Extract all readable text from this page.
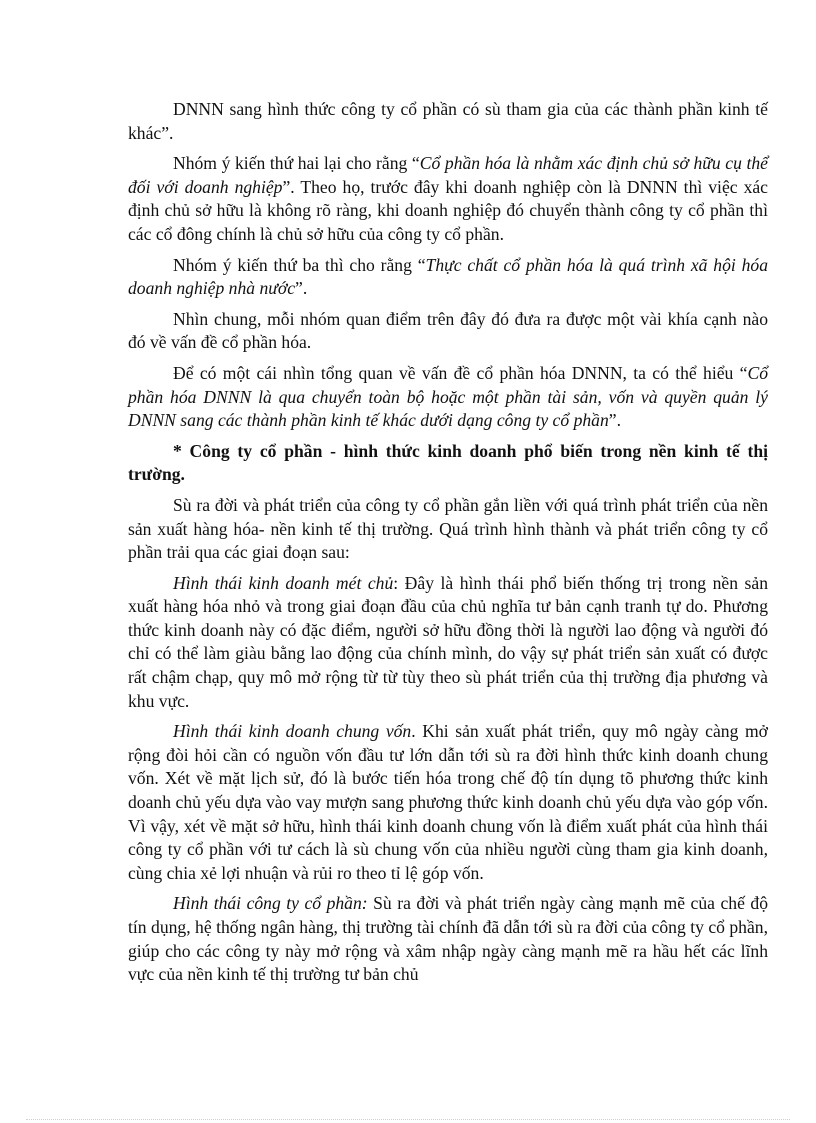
DNNN sang hình thức công ty cổ phần có sù tham gia của các thành phần kinh tế khác”.

Nhóm ý kiến thứ hai lại cho rằng “Cổ phần hóa là nhằm xác định chủ sở hữu cụ thể đối với doanh nghiệp”. Theo họ, trước đây khi doanh nghiệp còn là DNNN thì việc xác định chủ sở hữu là không rõ ràng, khi doanh nghiệp đó chuyển thành công ty cổ phần thì các cổ đông chính là chủ sở hữu của công ty cổ phần.

Nhóm ý kiến thứ ba thì cho rằng “Thực chất cổ phần hóa là quá trình xã hội hóa doanh nghiệp nhà nước”.

Nhìn chung, mỗi nhóm quan điểm trên đây đó đưa ra được một vài khía cạnh nào đó về vấn đề cổ phần hóa.

Để có một cái nhìn tổng quan về vấn đề cổ phần hóa DNNN, ta có thể hiểu “Cổ phần hóa DNNN là qua chuyển toàn bộ hoặc một phần tài sản, vốn và quyền quản lý DNNN sang các thành phần kinh tế khác dưới dạng công ty cổ phần”.

* Công ty cổ phần - hình thức kinh doanh phổ biến trong nền kinh tế thị trường.

Sù ra đời và phát triển của công ty cổ phần gắn liền với quá trình phát triển của nền sản xuất hàng hóa- nền kinh tế thị trường. Quá trình hình thành và phát triển công ty cổ phần trải qua các giai đoạn sau:

Hình thái kinh doanh mét chủ: Đây là hình thái phổ biến thống trị trong nền sản xuất hàng hóa nhỏ và trong giai đoạn đầu của chủ nghĩa tư bản cạnh tranh tự do. Phương thức kinh doanh này có đặc điểm, người sở hữu đồng thời là người lao động và người đó chỉ có thể làm giàu bằng lao động của chính mình, do vậy sự phát triển sản xuất có được rất chậm chạp, quy mô mở rộng từ từ tùy theo sù phát triển của thị trường địa phương và khu vực.

Hình thái kinh doanh chung vốn. Khi sản xuất phát triển, quy mô ngày càng mở rộng đòi hỏi cần có nguồn vốn đầu tư lớn dẫn tới sù ra đời hình thức kinh doanh chung vốn. Xét về mặt lịch sử, đó là bước tiến hóa trong chế độ tín dụng tõ phương thức kinh doanh chủ yếu dựa vào vay mượn sang phương thức kinh doanh chủ yếu dựa vào góp vốn. Vì vậy, xét về mặt sở hữu, hình thái kinh doanh chung vốn là điểm xuất phát của hình thái công ty cổ phần với tư cách là sù chung vốn của nhiều người cùng tham gia kinh doanh, cùng chia xẻ lợi nhuận và rủi ro theo tỉ lệ góp vốn.

Hình thái công ty cổ phần: Sù ra đời và phát triển ngày càng mạnh mẽ của chế độ tín dụng, hệ thống ngân hàng, thị trường tài chính đã dẫn tới sù ra đời của công ty cổ phần, giúp cho các công ty này mở rộng và xâm nhập ngày càng mạnh mẽ ra hầu hết các lĩnh vực của nền kinh tế thị trường tư bản chủ
